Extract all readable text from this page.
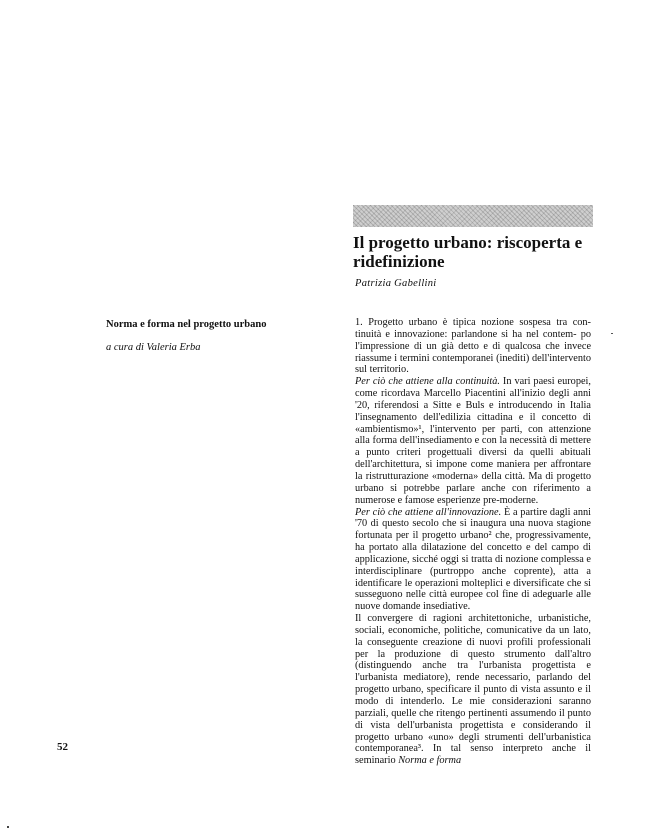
Il progetto urbano: riscoperta e ridefinizione
Patrizia Gabellini
Norma e forma nel progetto urbano
a cura di Valeria Erba

1. Progetto urbano è tipica nozione sospesa tra con- tinuità e innovazione: parlandone si ha nel contem- po l'impressione di un già detto e di qualcosa che invece riassume i termini contemporanei (inediti) dell'intervento sul territorio.

Per ciò che attiene alla continuità. In vari paesi europei, come ricordava Marcello Piacentini all'inizio degli anni '20, riferendosi a Sitte e Buls e introducendo in Italia l'insegnamento dell'edilizia cittadina e il concetto di «ambientismo»¹, l'intervento per parti, con attenzione alla forma dell'insediamento e con la necessità di mettere a punto criteri progettuali diversi da quelli abituali dell'architettura, si impone come maniera per affrontare la ristrutturazione «moderna» della città. Ma di progetto urbano si potrebbe parlare anche con riferimento a numerose e famose esperienze pre-moderne.

Per ciò che attiene all'innovazione. È a partire dagli anni '70 di questo secolo che si inaugura una nuova stagione fortunata per il progetto urbano² che, progressivamente, ha portato alla dilatazione del concetto e del campo di applicazione, sicché oggi si tratta di nozione complessa e interdisciplinare (purtroppo anche coprente), atta a identificare le operazioni molteplici e diversificate che si susseguono nelle città europee col fine di adeguarle alle nuove domande insediative.

Il convergere di ragioni architettoniche, urbanistiche, sociali, economiche, politiche, comunicative da un lato, la conseguente creazione di nuovi profili professionali per la produzione di questo strumento dall'altro (distinguendo anche tra l'urbanista progettista e l'urbanista mediatore), rende necessario, parlando del progetto urbano, specificare il punto di vista assunto e il modo di intenderlo. Le mie considerazioni saranno parziali, quelle che ritengo pertinenti assumendo il punto di vista dell'urbanista progettista e considerando il progetto urbano «uno» degli strumenti dell'urbanistica contemporanea³. In tal senso interpreto anche il seminario Norma e forma

52
